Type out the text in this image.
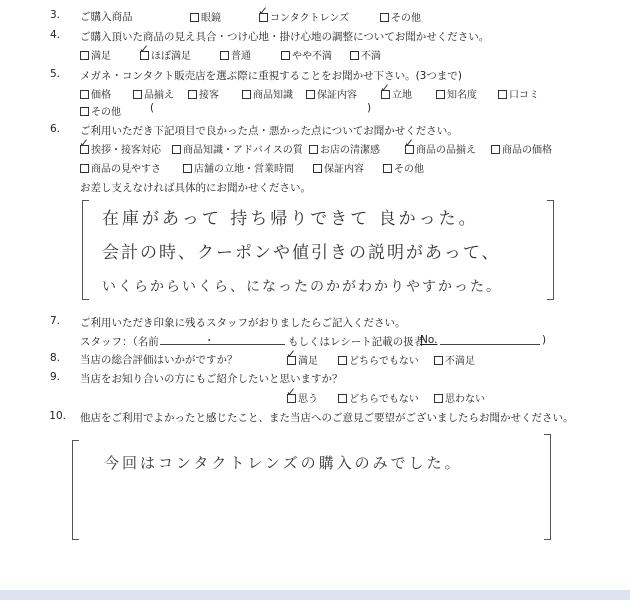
3. ご購入商品	眼鏡
✓
コンタクトレンズ	その他
4. ご購入頂いた商品の見え具合・つけ心地・掛け心地の調整についてお聞かせください。
満足
✓
ほぼ満足	普通	やや不満	不満
5. メガネ・コンタクト販売店を選ぶ際に重視することをお聞かせ下さい。(3つまで)
価格	品揃え	接客	商品知識	保証内容
✓
立地	知名度	口コミ
その他	(	)
6. ご利用いただき下記項目で良かった点・悪かった点についてお聞かせください。
✓
挨拶・接客対応	商品知識・アドバイスの質	お店の清潔感
✓
商品の品揃え	商品の価格
商品の見やすさ	店舗の立地・営業時間	保証内容	その他
お差し支えなければ具体的にお聞かせください。
在庫があって 持ち帰りできて 良かった。
会計の時、クーポンや値引きの説明があって、
いくらからいくら、になったのかがわかりやすかった。
7. ご利用いただき印象に残るスタッフがおりましたらご記入ください。
スタッフ：（名前	・	もしくはレシート記載の扱者
No.	)
8. 当店の総合評価はいかがですか？	✓
満足	どちらでもない	不満足
9. 当店をお知り合いの方にもご紹介したいと思いますか？
✓
思う	どちらでもない	思わない
10. 他店をご利用でよかったと感じたこと、また当店へのご意見ご要望がございましたらお聞かせください。
今回はコンタクトレンズの購入のみでした。
